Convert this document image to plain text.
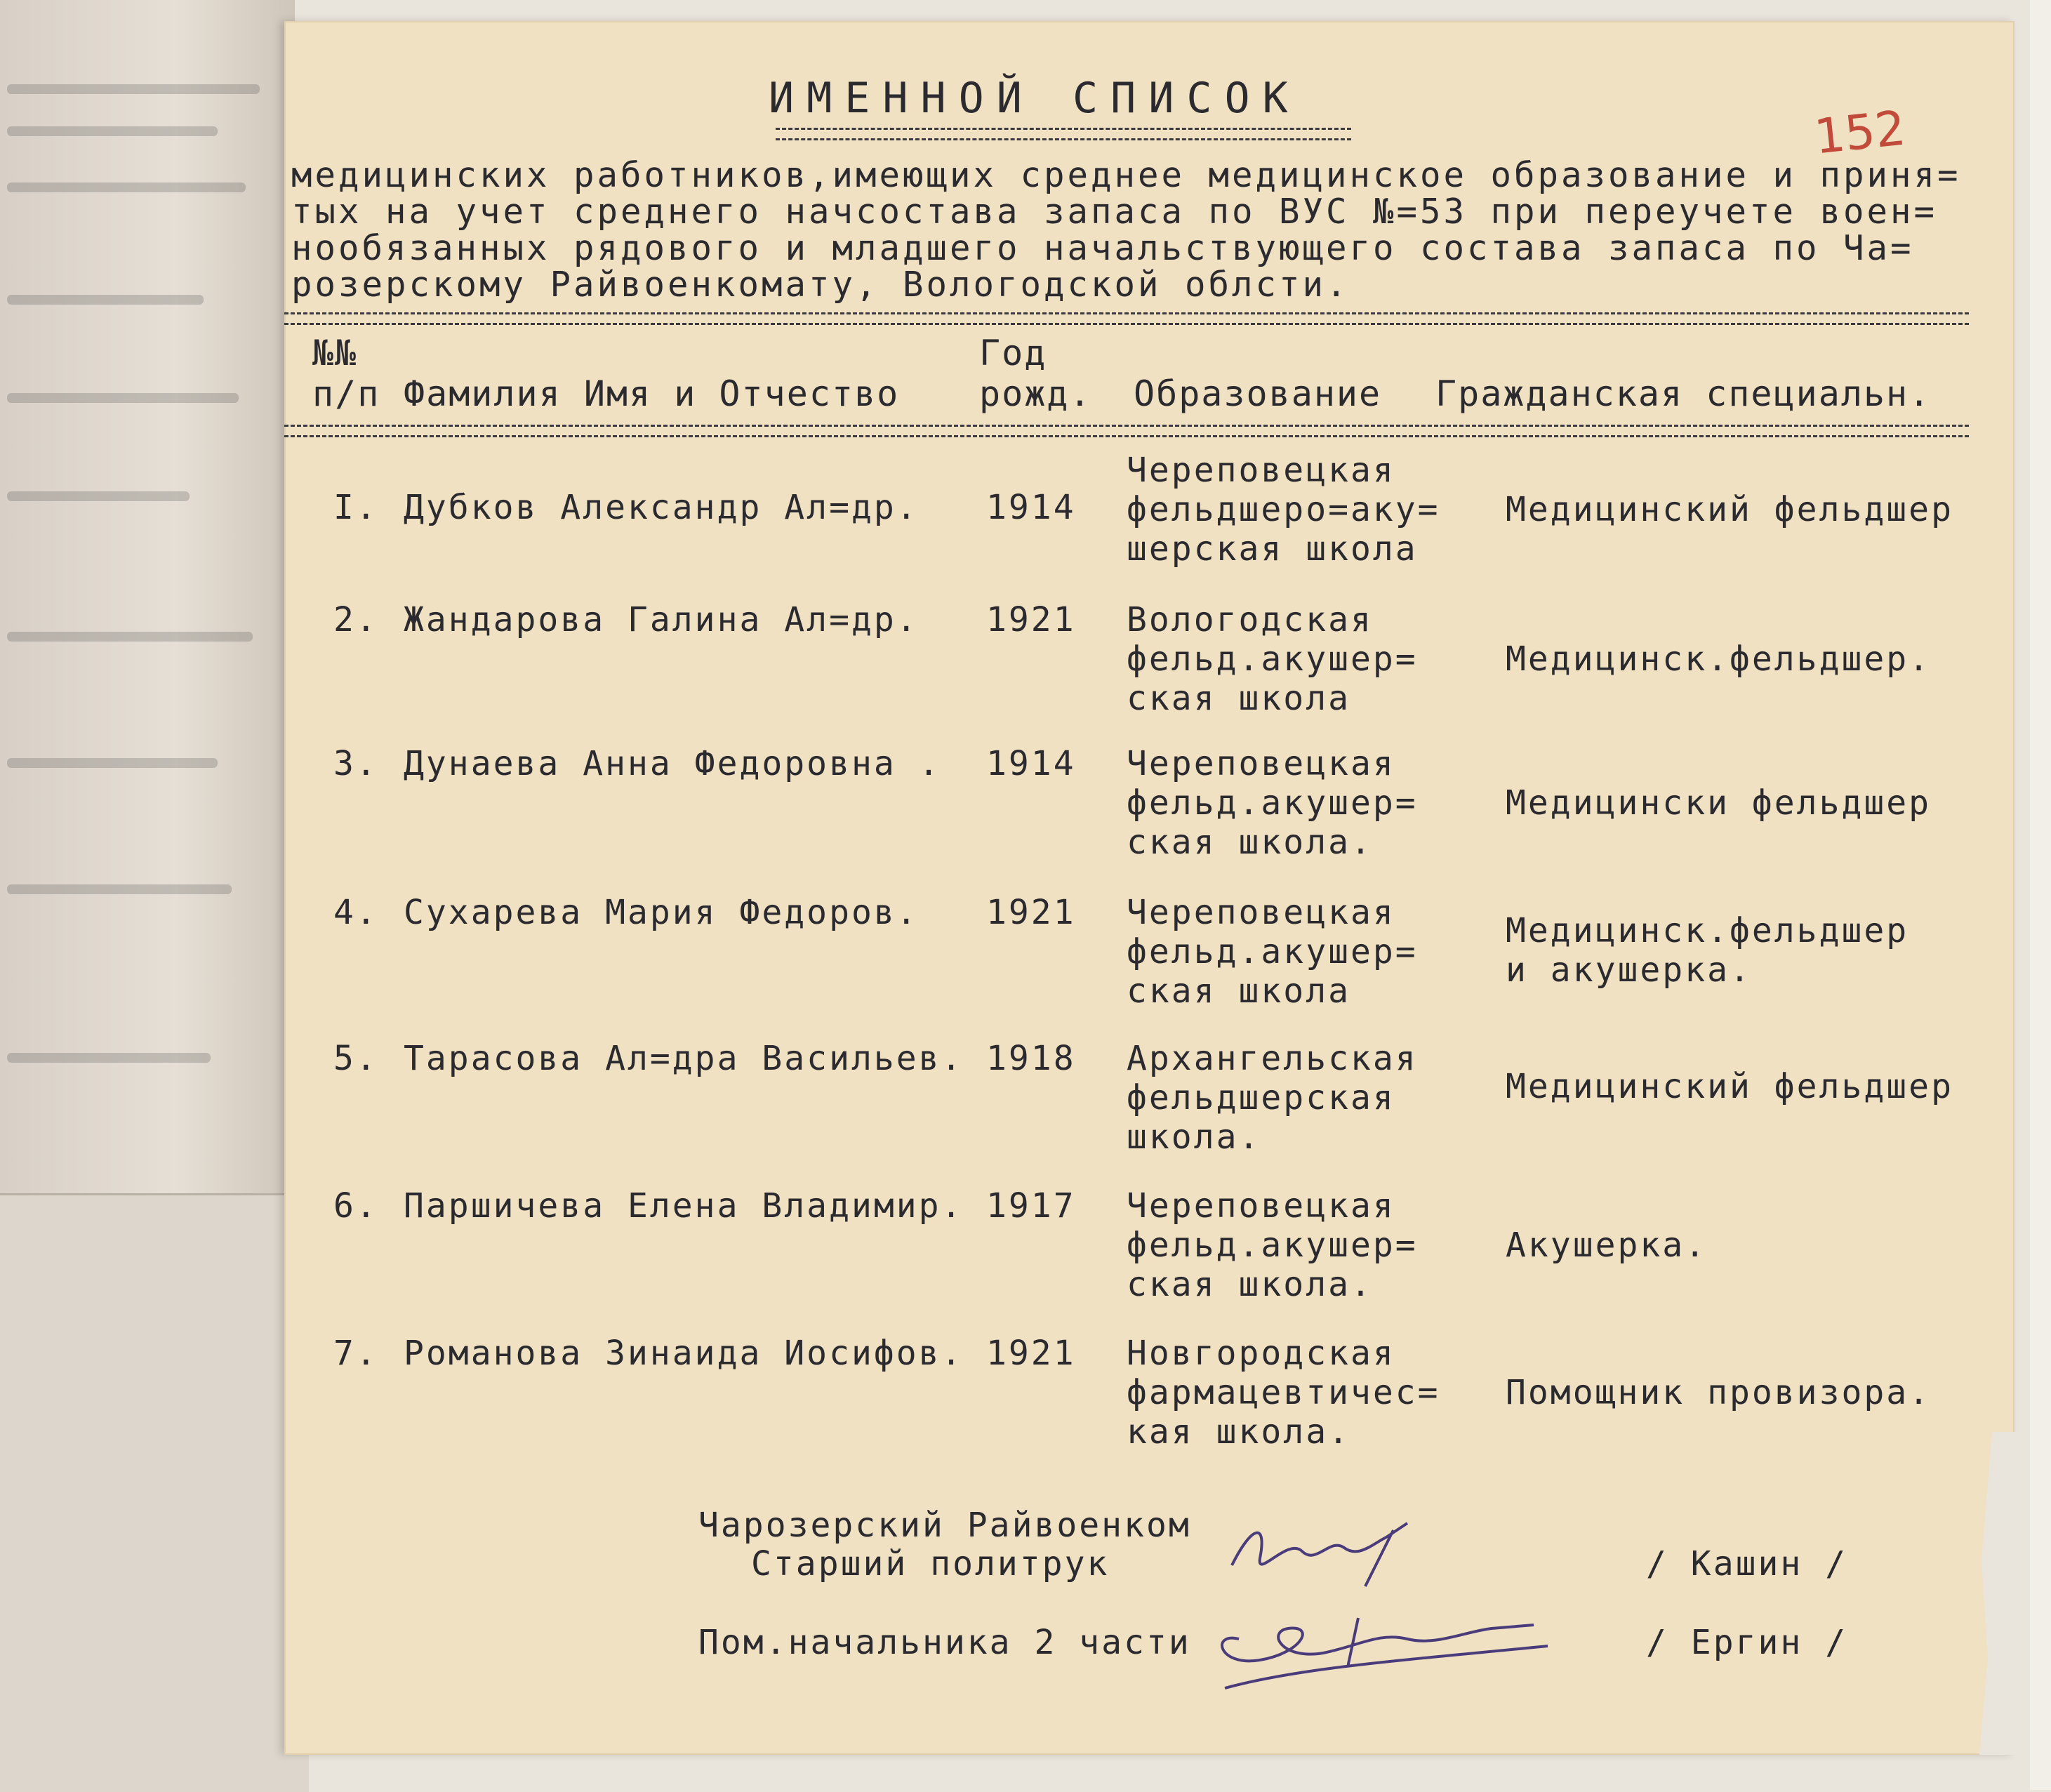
ИМЕННОЙ СПИСОК
152
медицинских работников,имеющих среднее медицинское образование и приня=
тых на учет среднего начсостава запаса по ВУС №=53 при переучете воен=
нообязанных рядового и младшего начальствующего состава запаса по Ча=
розерскому Райвоенкомату, Вологодской облсти.
№№
п/п Фамилия Имя и Отчество
Год
рожд. Образование Гражданская специальн.
I. Дубков Александр Ал=др. 1914
Череповецкая
фельдшеро=аку=
шерская школа
Медицинский фельдшер
2. Жандарова Галина Ал=др. 1921 Вологодская
фельд.акушер=
ская школа
Медицинск.фельдшер.
3. Дунаева Анна Федоровна . 1914 Череповецкая
фельд.акушер=
ская школа.
Медицински фельдшер
4. Сухарева Мария Федоров. 1921 Череповецкая
фельд.акушер=
ская школа
Медицинск.фельдшер
и акушерка.
5. Тарасова Ал=дра Васильев. 1918 Архангельская
фельдшерская
школа.
Медицинский фельдшер
6. Паршичева Елена Владимир. 1917 Череповецкая
фельд.акушер=
ская школа.
Акушерка.
7. Романова Зинаида Иосифов. 1921 Новгородская
фармацевтичес=
кая школа.
Помощник провизора.
Чарозерский Райвоенком
Старший политрук	/ Кашин /
Пом.начальника 2 части	/ Ергин /
